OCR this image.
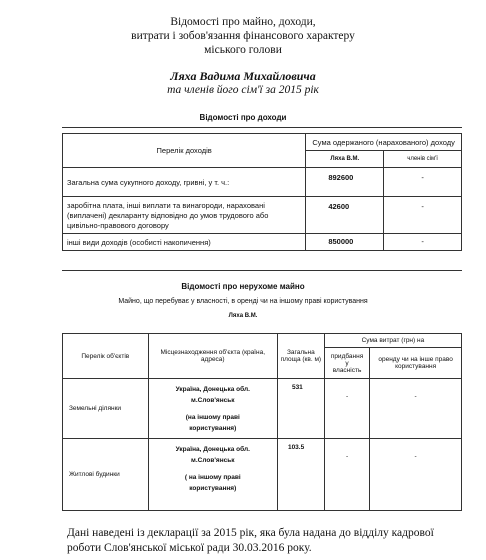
Відомості про майно, доходи,
витрати і зобов'язання фінансового характеру
міського голови
Ляха Вадима Михайловича
та членів його сім'ї за 2015 рік
Відомості про доходи
Перелік доходів	Сума одержаного (нарахованого) доходу	
	Ляха В.М.	членів сім'ї
Загальна сума сукупного доходу, гривні, у т. ч.:	892600	-
заробітна плата, інші виплати та винагороди, нараховані (виплачені) декларанту відповідно до умов трудового або цивільно-правового договору	42600	-
інші види доходів (особисті накопичення)	850000	-
Відомості про нерухоме майно
Майно, що перебуває у власності, в оренді чи на іншому праві користування
Ляха В.М.
Перелік об'єктів	Місцезнаходження об'єкта (країна, адреса)	Загальна площа (кв. м)	Сума витрат (грн) на	
			придбання у власність	оренду чи на інше право користування
Земельні ділянки	Україна, Донецька обл.
м.Слов'янськ
(на іншому праві
користування)	531	-	-
Житлові будинки	Україна, Донецька обл.
м.Слов'янськ
( на іншому праві
користування)	103.5	-	-
Дані наведені із декларації за 2015 рік, яка була надана до відділу кадрової
роботи Слов'янської міської ради 30.03.2016 року.
